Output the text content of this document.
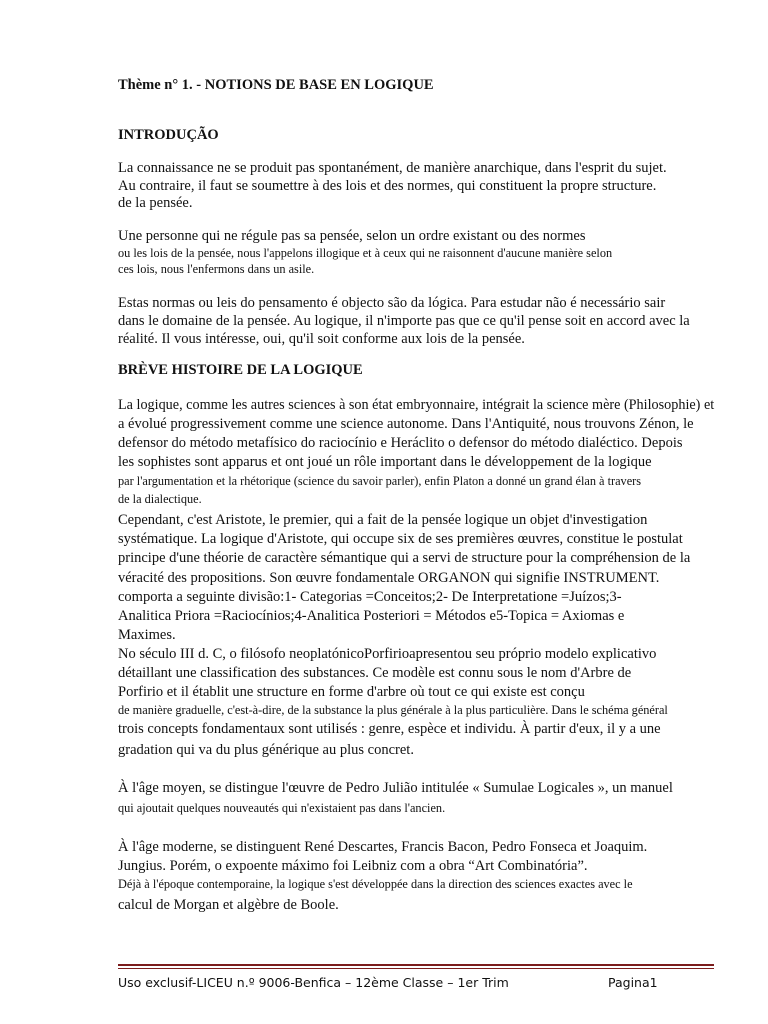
Thème n° 1. - NOTIONS DE BASE EN LOGIQUE
INTRODUÇÃO
La connaissance ne se produit pas spontanément, de manière anarchique, dans l'esprit du sujet.
Au contraire, il faut se soumettre à des lois et des normes, qui constituent la propre structure.
de la pensée.
Une personne qui ne régule pas sa pensée, selon un ordre existant ou des normes
ou les lois de la pensée, nous l'appelons illogique et à ceux qui ne raisonnent d'aucune manière selon
ces lois, nous l'enfermons dans un asile.
Estas normas ou leis do pensamento é objecto são da lógica. Para estudar não é necessário sair
dans le domaine de la pensée. Au logique, il n'importe pas que ce qu'il pense soit en accord avec la
réalité. Il vous intéresse, oui, qu'il soit conforme aux lois de la pensée.
BRÈVE HISTOIRE DE LA LOGIQUE
La logique, comme les autres sciences à son état embryonnaire, intégrait la science mère (Philosophie) et
a évolué progressivement comme une science autonome. Dans l'Antiquité, nous trouvons Zénon, le
defensor do método metafísico do raciocínio e Heráclito o defensor do método dialéctico. Depois
les sophistes sont apparus et ont joué un rôle important dans le développement de la logique
par l'argumentation et la rhétorique (science du savoir parler), enfin Platon a donné un grand élan à travers
de la dialectique.
Cependant, c'est Aristote, le premier, qui a fait de la pensée logique un objet d'investigation
systématique. La logique d'Aristote, qui occupe six de ses premières œuvres, constitue le postulat
principe d'une théorie de caractère sémantique qui a servi de structure pour la compréhension de la
véracité des propositions. Son œuvre fondamentale ORGANON qui signifie INSTRUMENT.
comporta a seguinte divisão:1- Categorias =Conceitos;2- De Interpretatione =Juízos;3-
Analitica Priora =Raciocínios;4-Analitica Posteriori = Métodos e5-Topica = Axiomas e
Maximes.
No século III d. C, o filósofo neoplatónicoPorfirioapresentou seu próprio modelo explicativo
détaillant une classification des substances. Ce modèle est connu sous le nom d'Arbre de
Porfirio et il établit une structure en forme d'arbre où tout ce qui existe est conçu
de manière graduelle, c'est-à-dire, de la substance la plus générale à la plus particulière. Dans le schéma général
trois concepts fondamentaux sont utilisés : genre, espèce et individu. À partir d'eux, il y a une
gradation qui va du plus générique au plus concret.
À l'âge moyen, se distingue l'œuvre de Pedro Julião intitulée « Sumulae Logicales », un manuel
qui ajoutait quelques nouveautés qui n'existaient pas dans l'ancien.
À l'âge moderne, se distinguent René Descartes, Francis Bacon, Pedro Fonseca et Joaquim.
Jungius. Porém, o expoente máximo foi Leibniz com a obra “Art Combinatória”.
Déjà à l'époque contemporaine, la logique s'est développée dans la direction des sciences exactes avec le
calcul de Morgan et algèbre de Boole.
Uso exclusif-LICEU n.º 9006-Benfica – 12ème Classe – 1er Trim	Pagina1
